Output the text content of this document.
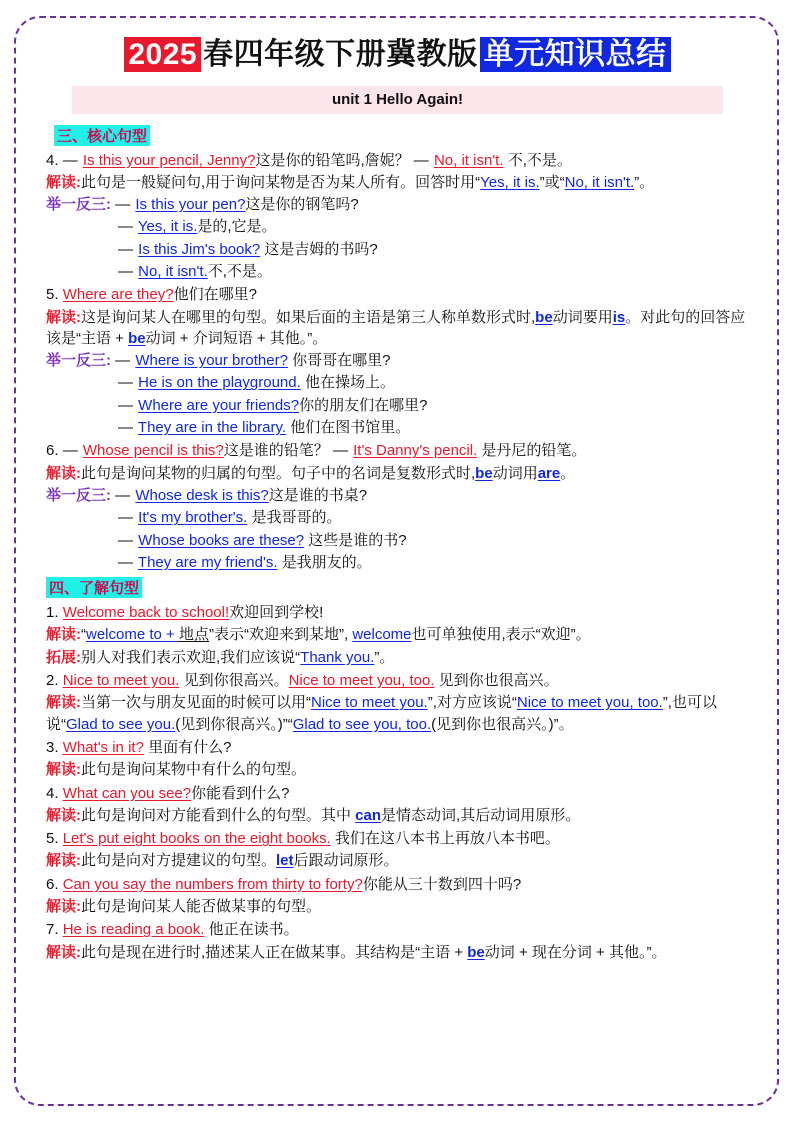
2025 春四年级下册冀教版 单元知识总结
unit 1 Hello Again!
三、核心句型
4. — Is this your pencil, Jenny?这是你的铅笔吗,詹妮？ — No, it isn't. 不,不是。
解读:此句是一般疑问句,用于询问某物是否为某人所有。回答时用“Yes, it is.”或“No, it isn't.”。
举一反三: — Is this your pen?这是你的钢笔吗?
— Yes, it is.是的,它是。
— Is this Jim's book? 这是吉姆的书吗?
— No, it isn't.不,不是。
5. Where are they?他们在哪里?
解读:这是询问某人在哪里的句型。如果后面的主语是第三人称单数形式时,be动词要用is。对此句的回答应该是“主语 + be动词 + 介词短语 + 其他。”。
举一反三: — Where is your brother? 你哥哥在哪里?
— He is on the playground. 他在操场上。
— Where are your friends?你的朋友们在哪里?
— They are in the library. 他们在图书馆里。
6. — Whose pencil is this?这是谁的铅笔？ — It's Danny's pencil. 是丹尼的铅笔。
解读:此句是询问某物的归属的句型。句子中的名词是复数形式时,be动词用are。
举一反三: — Whose desk is this?这是谁的书桌?
— It's my brother's. 是我哥哥的。
— Whose books are these? 这些是谁的书?
— They are my friend's. 是我朋友的。
四、了解句型
1. Welcome back to school!欢迎回到学校!
解读:“welcome to + 地点”表示“欢迎来到某地”, welcome也可单独使用,表示“欢迎”。
拓展:别人对我们表示欢迎,我们应该说“Thank you.”。
2. Nice to meet you. 见到你很高兴。Nice to meet you, too. 见到你也很高兴。
解读:当第一次与朋友见面的时候可以用“Nice to meet you.”,对方应该说“Nice to meet you, too.”,也可以说“Glad to see you.(见到你很高兴。)”“Glad to see you, too.(见到你也很高兴。)”。
3. What's in it? 里面有什么?
解读:此句是询问某物中有什么的句型。
4. What can you see?你能看到什么?
解读:此句是询问对方能看到什么的句型。其中 can是情态动词,其后动词用原形。
5. Let's put eight books on the eight books. 我们在这八本书上再放八本书吧。
解读:此句是向对方提建议的句型。let后跟动词原形。
6. Can you say the numbers from thirty to forty?你能从三十数到四十吗?
解读:此句是询问某人能否做某事的句型。
7. He is reading a book. 他正在读书。
解读:此句是现在进行时,描述某人正在做某事。其结构是“主语 + be动词 + 现在分词 + 其他。”。
